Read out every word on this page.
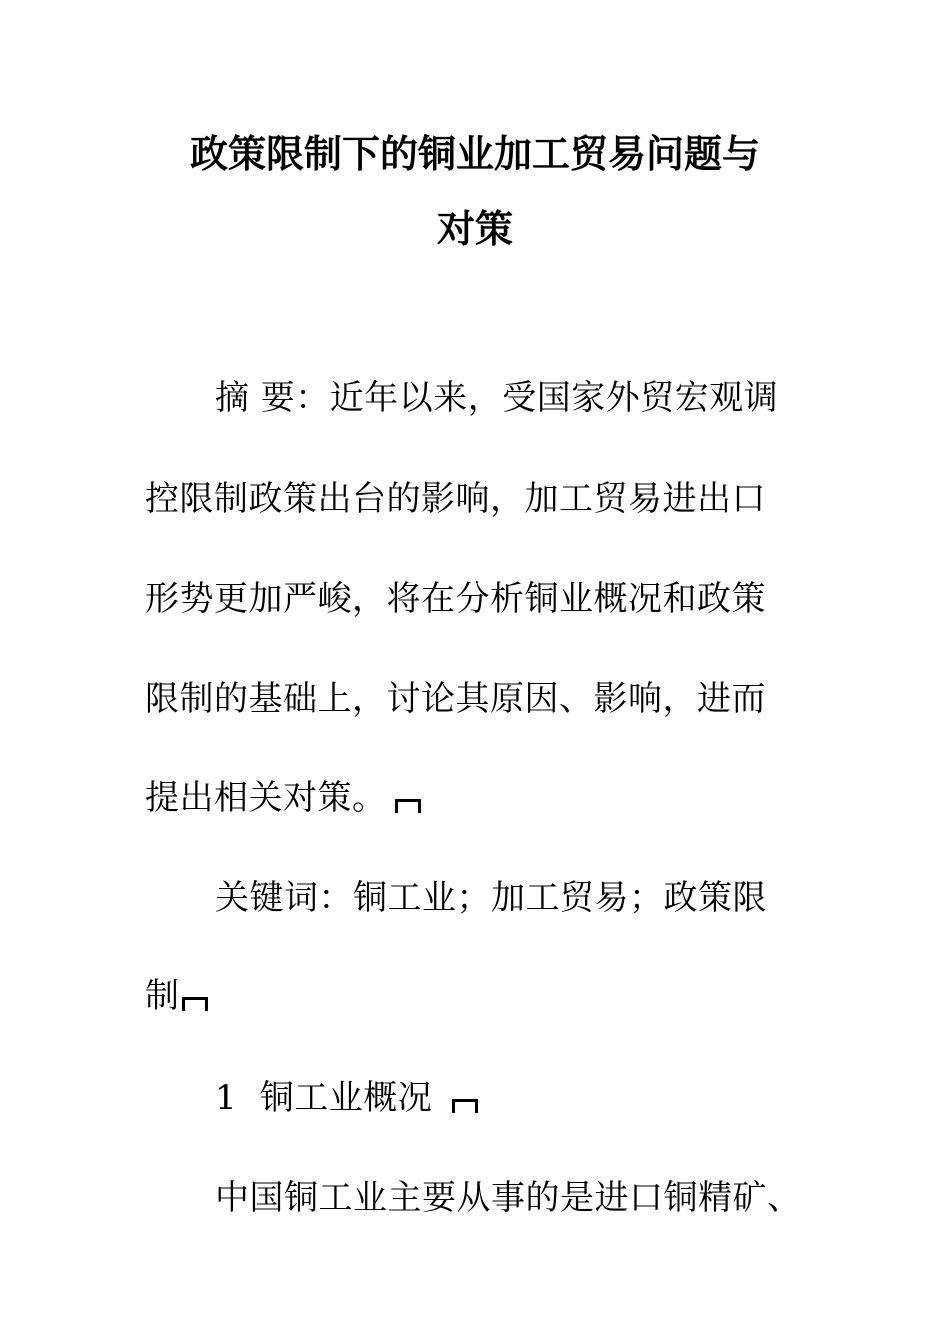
政策限制下的铜业加工贸易问题与
对策
摘 要：近年以来，受国家外贸宏观调
控限制政策出台的影响，加工贸易进出口
形势更加严峻，将在分析铜业概况和政策
限制的基础上，讨论其原因、影响，进而
提出相关对策。
关键词：铜工业；加工贸易；政策限
制
1  铜工业概况
中国铜工业主要从事的是进口铜精矿、
